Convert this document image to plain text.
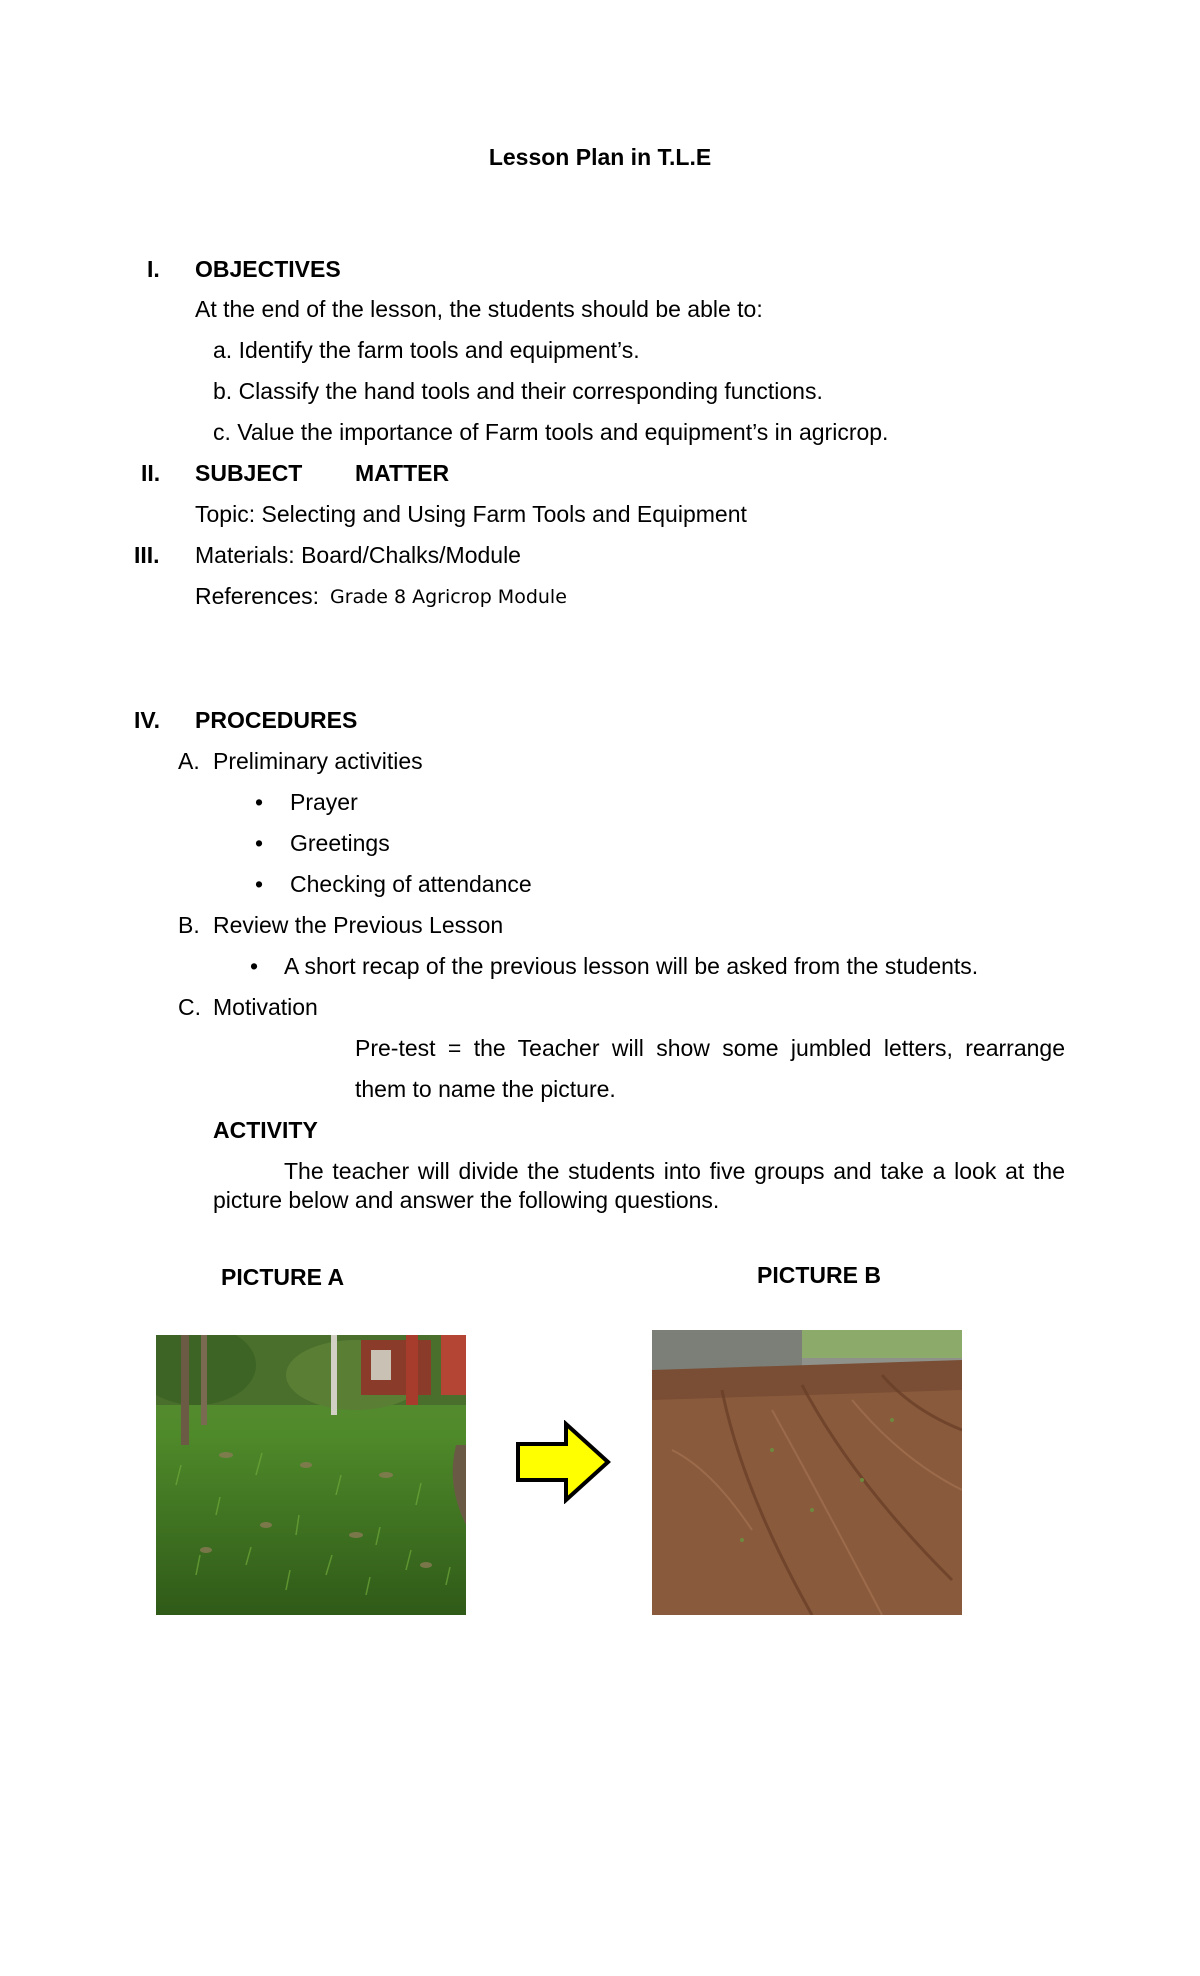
Lesson Plan in T.L.E
I. OBJECTIVES
At the end of the lesson, the students should be able to:
a. Identify the farm tools and equipment’s.
b. Classify the hand tools and their corresponding functions.
c. Value the importance of Farm tools and equipment’s in agricrop.
II. SUBJECT MATTER
Topic: Selecting and Using Farm Tools and Equipment
III. Materials: Board/Chalks/Module
References: Grade 8 Agricrop Module
IV. PROCEDURES
A. Preliminary activities
• Prayer
• Greetings
• Checking of attendance
B. Review the Previous Lesson
• A short recap of the previous lesson will be asked from the students.
C. Motivation
Pre-test = the Teacher will show some jumbled letters, rearrange
them to name the picture.
ACTIVITY
The teacher will divide the students into five groups and take a look at the
picture below and answer the following questions.
PICTURE A	PICTURE B
